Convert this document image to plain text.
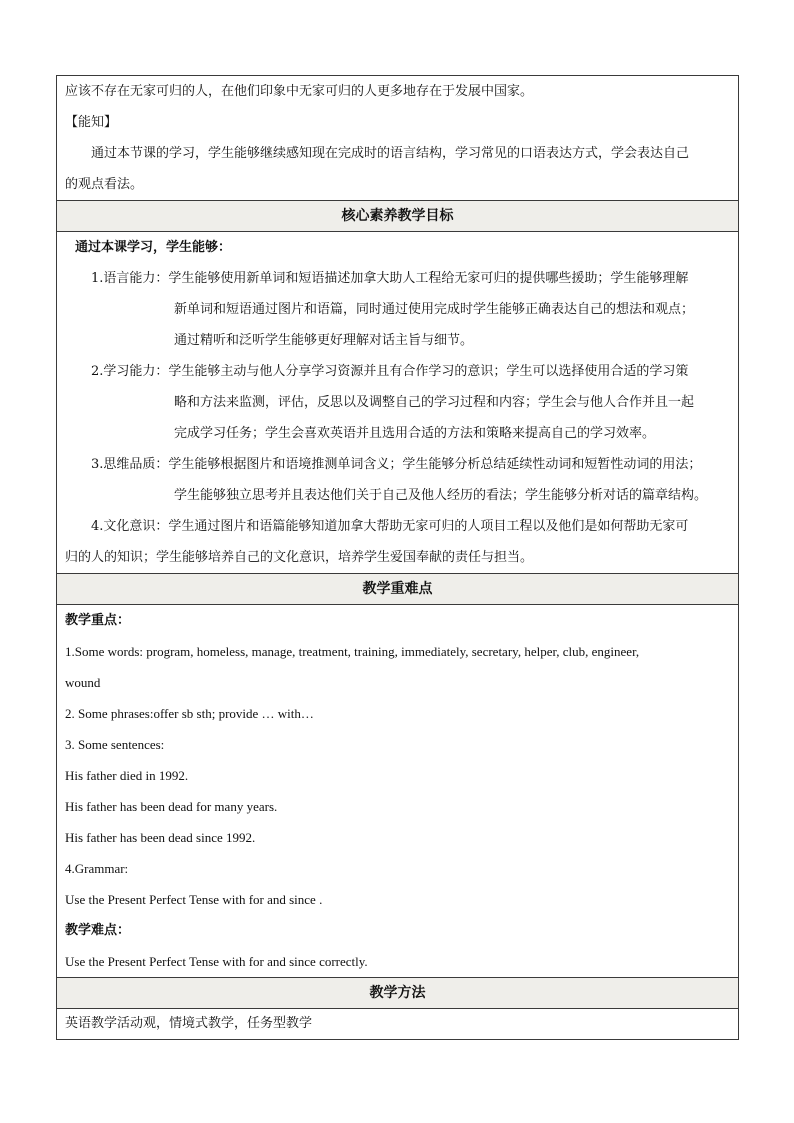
应该不存在无家可归的人，在他们印象中无家可归的人更多地存在于发展中国家。
【能知】
通过本节课的学习，学生能够继续感知现在完成时的语言结构，学习常见的口语表达方式，学会表达自己
的观点看法。
核心素养教学目标
通过本课学习，学生能够：
1.语言能力：学生能够使用新单词和短语描述加拿大助人工程给无家可归的提供哪些援助；学生能够理解
新单词和短语通过图片和语篇，同时通过使用完成时学生能够正确表达自己的想法和观点；
通过精听和泛听学生能够更好理解对话主旨与细节。
2.学习能力：学生能够主动与他人分享学习资源并且有合作学习的意识；学生可以选择使用合适的学习策
略和方法来监测，评估，反思以及调整自己的学习过程和内容；学生会与他人合作并且一起
完成学习任务；学生会喜欢英语并且选用合适的方法和策略来提高自己的学习效率。
3.思维品质：学生能够根据图片和语境推测单词含义；学生能够分析总结延续性动词和短暂性动词的用法；
学生能够独立思考并且表达他们关于自己及他人经历的看法；学生能够分析对话的篇章结构。
4.文化意识：学生通过图片和语篇能够知道加拿大帮助无家可归的人项目工程以及他们是如何帮助无家可
归的人的知识；学生能够培养自己的文化意识，培养学生爱国奉献的责任与担当。
教学重难点
教学重点：
1.Some words: program, homeless, manage, treatment, training, immediately, secretary, helper, club, engineer,
wound
2. Some phrases:offer sb sth; provide … with…
3. Some sentences:
His father died in 1992.
His father has been dead for many years.
His father has been dead since 1992.
4.Grammar:
Use the Present Perfect Tense with for and since .
教学难点：
Use the Present Perfect Tense with for and since correctly.
教学方法
英语教学活动观，情境式教学，任务型教学
